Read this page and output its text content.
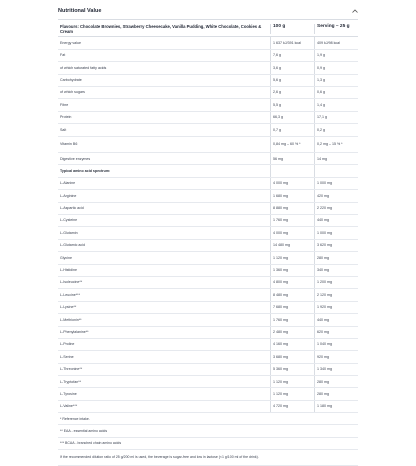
Nutritional Value
Flavours: Chocolate Brownies, Strawberry Cheesecake, Vanilla Pudding, White Chocolate, Cookies & Cream
100 g	Serving – 25 g
Energy value	1 637 kJ/391 kcal	409 kJ/98 kcal
Fat	7,6 g	1,9 g
of which saturated fatty acids	3,6 g	0,9 g
Carbohydrate	5,6 g	1,3 g
of which sugars	2,6 g	0,6 g
Fibre	5,5 g	1,4 g
Protein	66,3 g	17,1 g
Salt	0,7 g	0,2 g
Vitamin B6	0,84 mg – 60 % *	0,2 mg – 15 % *
Digestive enzymes	56 mg	14 mg
Typical amino acid spectrum:
L-Alanine	4 000 mg	1 000 mg
L-Arginine	1 680 mg	420 mg
L-Aspartic acid	8 880 mg	2 220 mg
L-Cysteine	1 760 mg	440 mg
L-Glutamin	4 000 mg	1 000 mg
L-Glutamic acid	14 480 mg	3 620 mg
Glycine	1 120 mg	280 mg
L-Histidine	1 360 mg	340 mg
L-Isoleucine**	4 800 mg	1 200 mg
L-Leucine***	8 480 mg	2 120 mg
L-Lysine**	7 680 mg	1 920 mg
L-Methionin**	1 760 mg	440 mg
L-Phenylalanine**	2 480 mg	620 mg
L-Proline	4 160 mg	1 040 mg
L-Serine	3 680 mg	920 mg
L-Threonine**	5 360 mg	1 340 mg
L-Tryptofan**	1 120 mg	280 mg
L-Tyrosine	1 120 mg	280 mg
L-Valine***	4 720 mg	1 180 mg
* Reference intake.
** EAA - essential amino acids
*** BCAA - branched chain amino acids
If the recommended dilution ratio of 25 g/200 ml is used, the beverage is sugar-free and low in lactose (<1 g/100 ml of the drink).
